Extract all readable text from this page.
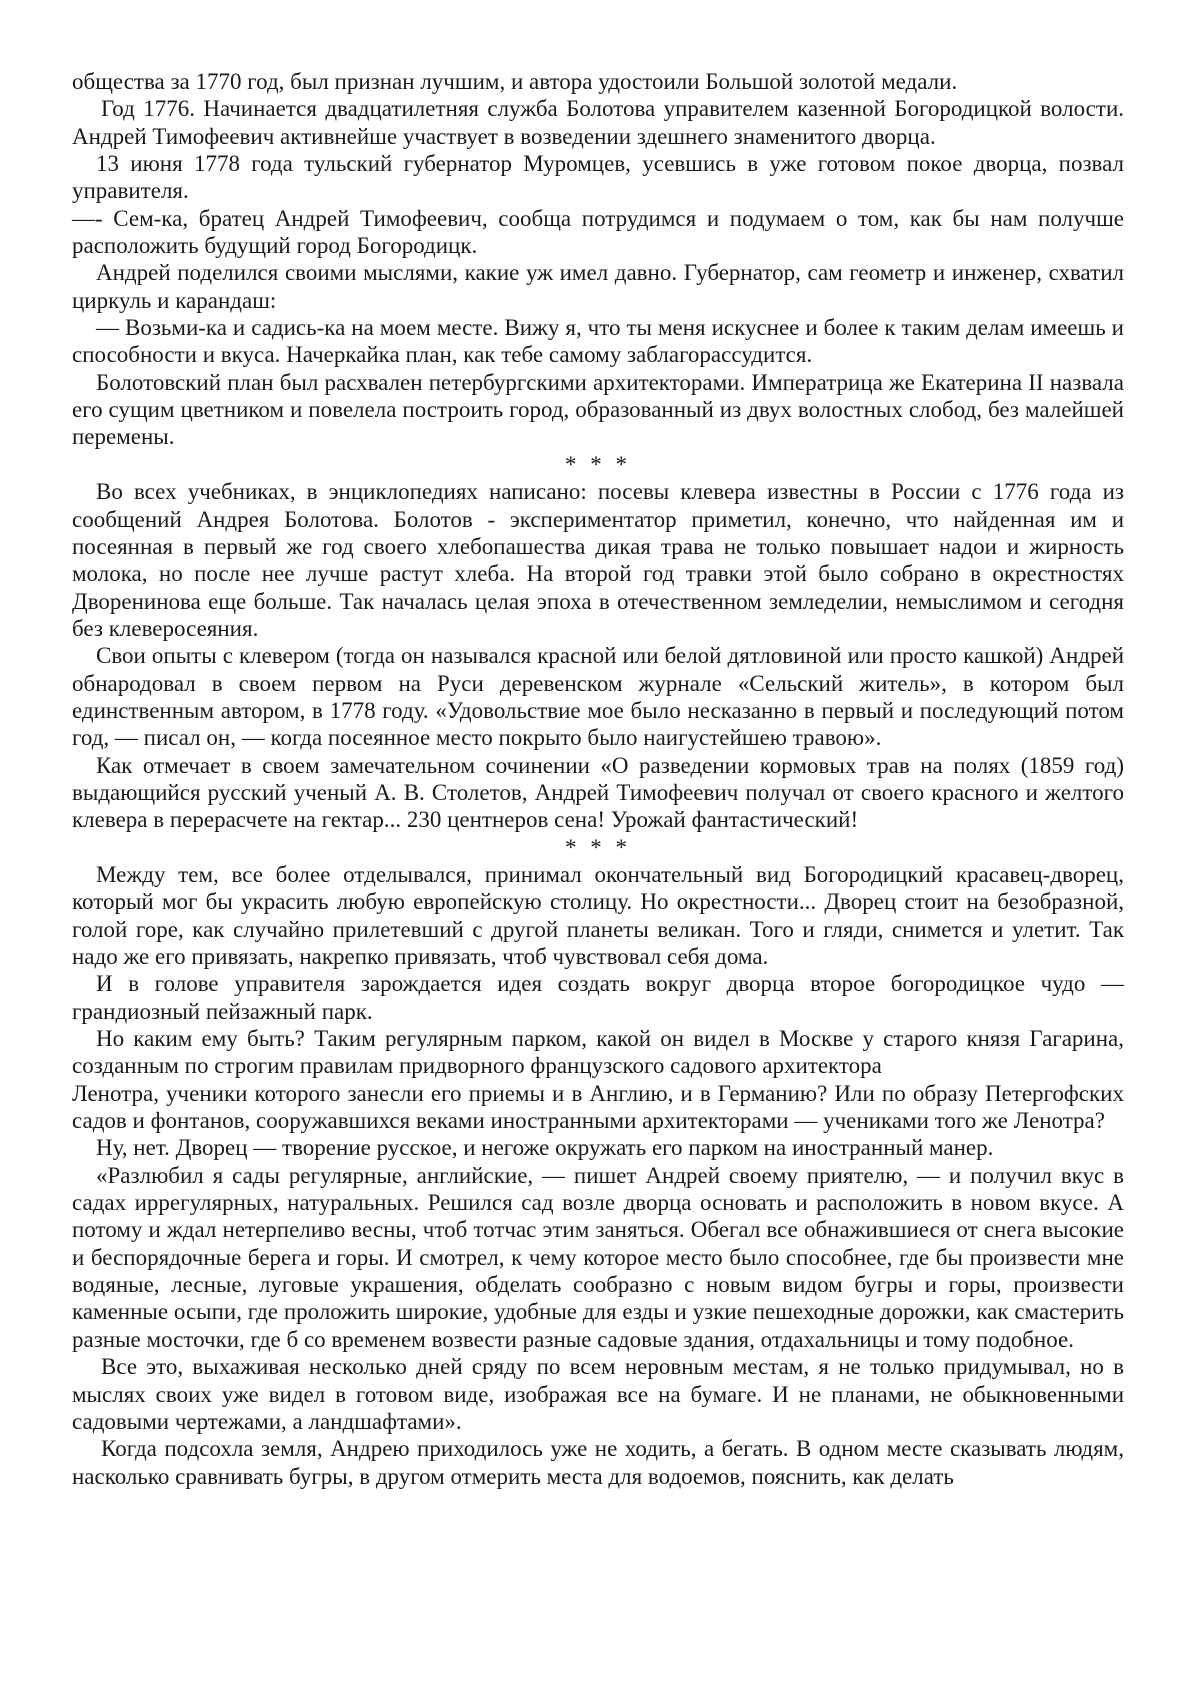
общества за 1770 год, был признан лучшим, и автора удостоили Большой золотой медали.

Год 1776. Начинается двадцатилетняя служба Болотова управителем казенной Богородицкой волости. Андрей Тимофеевич активнейше участвует в возведении здешнего знаменитого дворца.

13 июня 1778 года тульский губернатор Муромцев, усевшись в уже готовом покое дворца, позвал управителя.

—- Сем-ка, братец Андрей Тимофеевич, сообща потрудимся и подумаем о том, как бы нам получше расположить будущий город Богородицк.

Андрей поделился своими мыслями, какие уж имел давно. Губернатор, сам геометр и инженер, схватил циркуль и карандаш:

— Возьми-ка и садись-ка на моем месте. Вижу я, что ты меня искуснее и более к таким делам имеешь и способности и вкуса. Начеркайка план, как тебе самому заблагорассудится.

Болотовский план был расхвален петербургскими архитекторами. Императрица же Екатерина II назвала его сущим цветником и повелела построить город, образованный из двух волостных слобод, без малейшей перемены.

* * *

Во всех учебниках, в энциклопедиях написано: посевы клевера известны в России с 1776 года из сообщений Андрея Болотова. Болотов - экспериментатор приметил, конечно, что найденная им и посеянная в первый же год своего хлебопашества дикая трава не только повышает надои и жирность молока, но после нее лучше растут хлеба. На второй год травки этой было собрано в окрестностях Дворенинова еще больше. Так началась целая эпоха в отечественном земледелии, немыслимом и сегодня без клеверосеяния.

Свои опыты с клевером (тогда он назывался красной или белой дятловиной или просто кашкой) Андрей обнародовал в своем первом на Руси деревенском журнале «Сельский житель», в котором был единственным автором, в 1778 году. «Удовольствие мое было несказанно в первый и последующий потом год, — писал он, — когда посеянное место покрыто было наигустейшею травою».

Как отмечает в своем замечательном сочинении «О разведении кормовых трав на полях (1859 год) выдающийся русский ученый А. В. Столетов, Андрей Тимофеевич получал от своего красного и желтого клевера в перерасчете на гектар... 230 центнеров сена! Урожай фантастический!

* * *

Между тем, все более отделывался, принимал окончательный вид Богородицкий красавец-дворец, который мог бы украсить любую европейскую столицу. Но окрестности... Дворец стоит на безобразной, голой горе, как случайно прилетевший с другой планеты великан. Того и гляди, снимется и улетит. Так надо же его привязать, накрепко привязать, чтоб чувствовал себя дома.

И в голове управителя зарождается идея создать вокруг дворца второе богородицкое чудо — грандиозный пейзажный парк.

Но каким ему быть? Таким регулярным парком, какой он видел в Москве у старого князя Гагарина, созданным по строгим правилам придворного французского садового архитектора

Ленотра, ученики которого занесли его приемы и в Англию, и в Германию? Или по образу Петергофских садов и фонтанов, сооружавшихся веками иностранными архитекторами — учениками того же Ленотра?

Ну, нет. Дворец — творение русское, и негоже окружать его парком на иностранный манер.

«Разлюбил я сады регулярные, английские, — пишет Андрей своему приятелю, — и получил вкус в садах иррегулярных, натуральных. Решился сад возле дворца основать и расположить в новом вкусе. А потому и ждал нетерпеливо весны, чтоб тотчас этим заняться. Обегал все обнажившиеся от снега высокие и беспорядочные берега и горы. И смотрел, к чему которое место было способнее, где бы произвести мне водяные, лесные, луговые украшения, обделать сообразно с новым видом бугры и горы, произвести каменные осыпи, где проложить широкие, удобные для езды и узкие пешеходные дорожки, как смастерить разные мосточки, где б со временем возвести разные садовые здания, отдахальницы и тому подобное.

Все это, выхаживая несколько дней сряду по всем неровным местам, я не только придумывал, но в мыслях своих уже видел в готовом виде, изображая все на бумаге. И не планами, не обыкновенными садовыми чертежами, а ландшафтами».

Когда подсохла земля, Андрею приходилось уже не ходить, а бегать. В одном месте сказывать людям, насколько сравнивать бугры, в другом отмерить места для водоемов, пояснить, как делать
